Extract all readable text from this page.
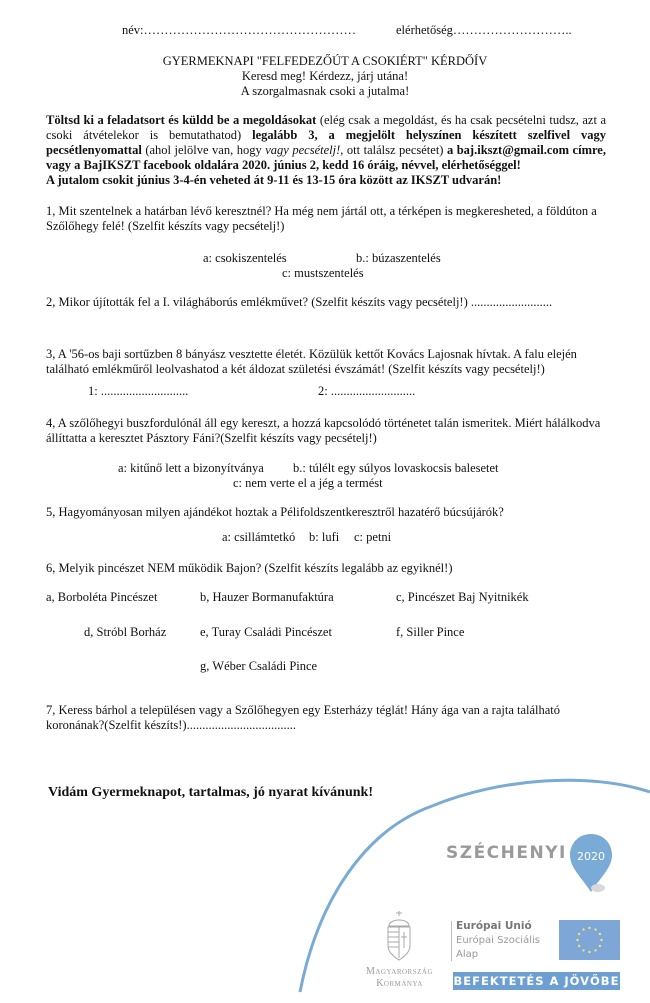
név:……………………………………………	elérhetőség………………………..
GYERMEKNAPI "FELFEDEZŐÚT A CSOKIÉRT" KÉRDŐÍV
Keresd meg! Kérdezz, járj utána!
A szorgalmasnak csoki a jutalma!
Töltsd ki a feladatsort és küldd be a megoldásokat (elég csak a megoldást, és ha csak pecsételni tudsz, azt a csoki átvételekor is bemutathatod) legalább 3, a megjelölt helyszínen készített szelfivel vagy pecsétlenyomattal (ahol jelölve van, hogy vagy pecsételj!, ott találsz pecsétet) a baj.ikszt@gmail.com címre, vagy a BajIKSZT facebook oldalára 2020. június 2, kedd 16 óráig, névvel, elérhetőséggel!
A jutalom csokit június 3-4-én veheted át 9-11 és 13-15 óra között az IKSZT udvarán!
1, Mit szentelnek a határban lévő keresztnél? Ha még nem jártál ott, a térképen is megkeresheted, a földúton a Szőlőhegy felé! (Szelfit készíts vagy pecsételj!)
a: csokiszentelés	b.: búzaszentelés
c: mustszentelés
2, Mikor újították fel a I. világháborús emlékművet? (Szelfit készíts vagy pecsételj!) ..........................
3, A '56-os baji sortűzben 8 bányász vesztette életét. Közülük kettőt Kovács Lajosnak hívtak. A falu elején található emlékműről leolvashatod a két áldozat születési évszámát! (Szelfit készíts vagy pecsételj!)
1: ............................	2: ...........................
4, A szőlőhegyi buszfordulónál áll egy kereszt, a hozzá kapcsolódó történetet talán ismeritek. Miért hálálkodva állíttatta a keresztet Pásztory Fáni?(Szelfit készíts vagy pecsételj!)
a: kitűnő lett a bizonyítványa b.: túlélt egy súlyos lovaskocsis balesetet
c: nem verte el a jég a termést
5, Hagyományosan milyen ajándékot hoztak a Pélifoldszentkeresztről hazatérő búcsújárók?
a: csillámtetkó b: lufi c: petni
6, Melyik pincészet NEM működik Bajon? (Szelfit készíts legalább az egyiknél!)
a, Borboléta Pincészet	b, Hauzer Bormanufaktúra	c, Pincészet Baj Nyitnikék
d, Stróbl Borház	e, Turay Családi Pincészet	f, Siller Pince
g, Wéber Családi Pince
7, Keress bárhol a településen vagy a Szőlőhegyen egy Esterházy téglát! Hány ága van a rajta található koronának?(Szelfit készíts!)...................................
Vidám Gyermeknapot, tartalmas, jó nyarat kívánunk!
SZÉCHENYI 2020
Magyarország
Kormánya
Európai Unió
Európai Szociális
Alap
BEFEKTETÉS A JÖVŐBE
